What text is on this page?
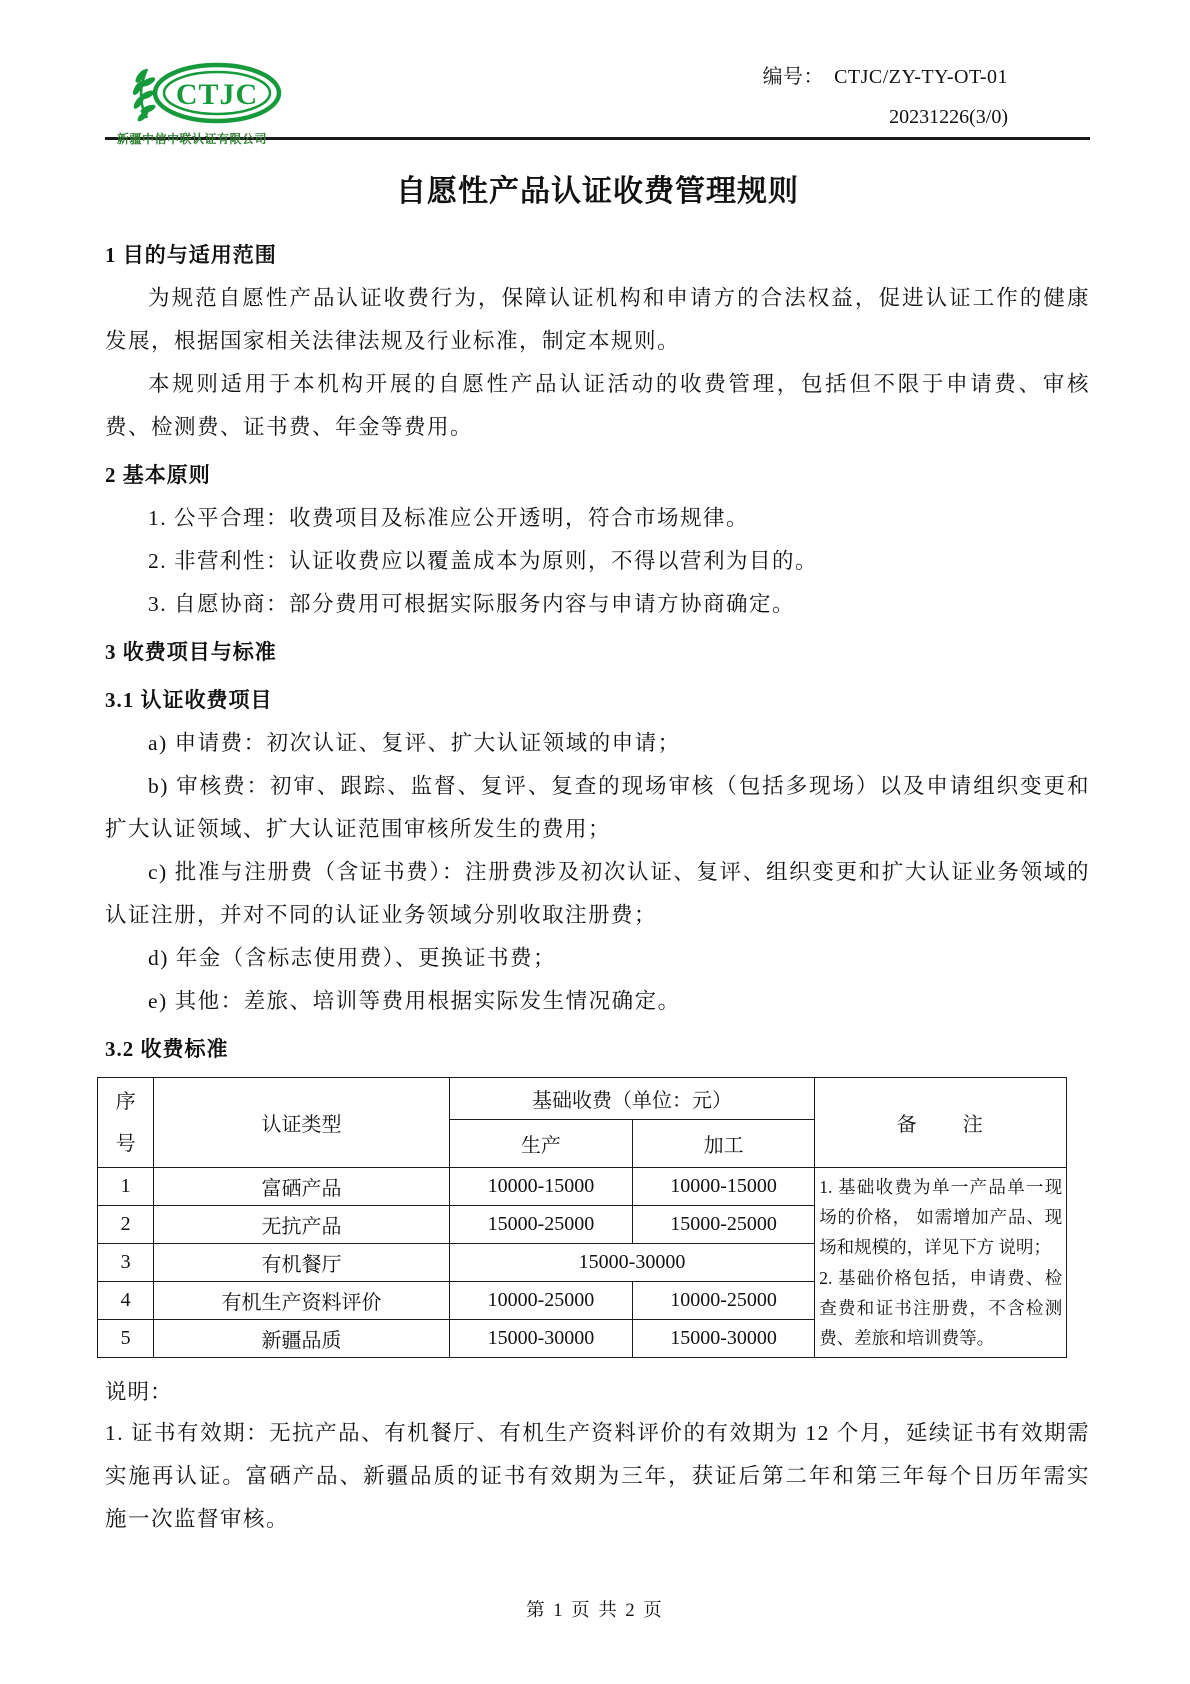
CTJC
新疆中信中联认证有限公司
编号： CTJC/ZY-TY-OT-01
20231226(3/0)
自愿性产品认证收费管理规则
1 目的与适用范围

为规范自愿性产品认证收费行为，保障认证机构和申请方的合法权益，促进认证工作的健康发展，根据国家相关法律法规及行业标准，制定本规则。

本规则适用于本机构开展的自愿性产品认证活动的收费管理，包括但不限于申请费、审核费、检测费、证书费、年金等费用。

2 基本原则

1. 公平合理：收费项目及标准应公开透明，符合市场规律。

2. 非营利性：认证收费应以覆盖成本为原则，不得以营利为目的。

3. 自愿协商：部分费用可根据实际服务内容与申请方协商确定。

3 收费项目与标准
3.1 认证收费项目

a) 申请费：初次认证、复评、扩大认证领域的申请；

b) 审核费：初审、跟踪、监督、复评、复查的现场审核（包括多现场）以及申请组织变更和扩大认证领域、扩大认证范围审核所发生的费用；

c) 批准与注册费（含证书费）：注册费涉及初次认证、复评、组织变更和扩大认证业务领域的认证注册，并对不同的认证业务领域分别收取注册费；

d) 年金（含标志使用费）、更换证书费；

e) 其他：差旅、培训等费用根据实际发生情况确定。

3.2 收费标准
序号	认证类型	基础收费（单位：元）		备　　注
		生产	加工	
1	富硒产品	10000-15000	10000-15000	1. 基础收费为单一产品单一现场的价格， 如需增加产品、现场和规模的，详见下方 说明；

2. 基础价格包括，申请费、检查费和证书注册费，不含检测费、差旅和培训费等。

2	无抗产品	15000-25000	15000-25000	
3	有机餐厅	15000-30000		
4	有机生产资料评价	10000-25000	10000-25000	
5	新疆品质	15000-30000	15000-30000	

说明：

1. 证书有效期：无抗产品、有机餐厅、有机生产资料评价的有效期为 12 个月，延续证书有效期需实施再认证。富硒产品、新疆品质的证书有效期为三年，获证后第二年和第三年每个日历年需实施一次监督审核。

第 1 页 共 2 页
